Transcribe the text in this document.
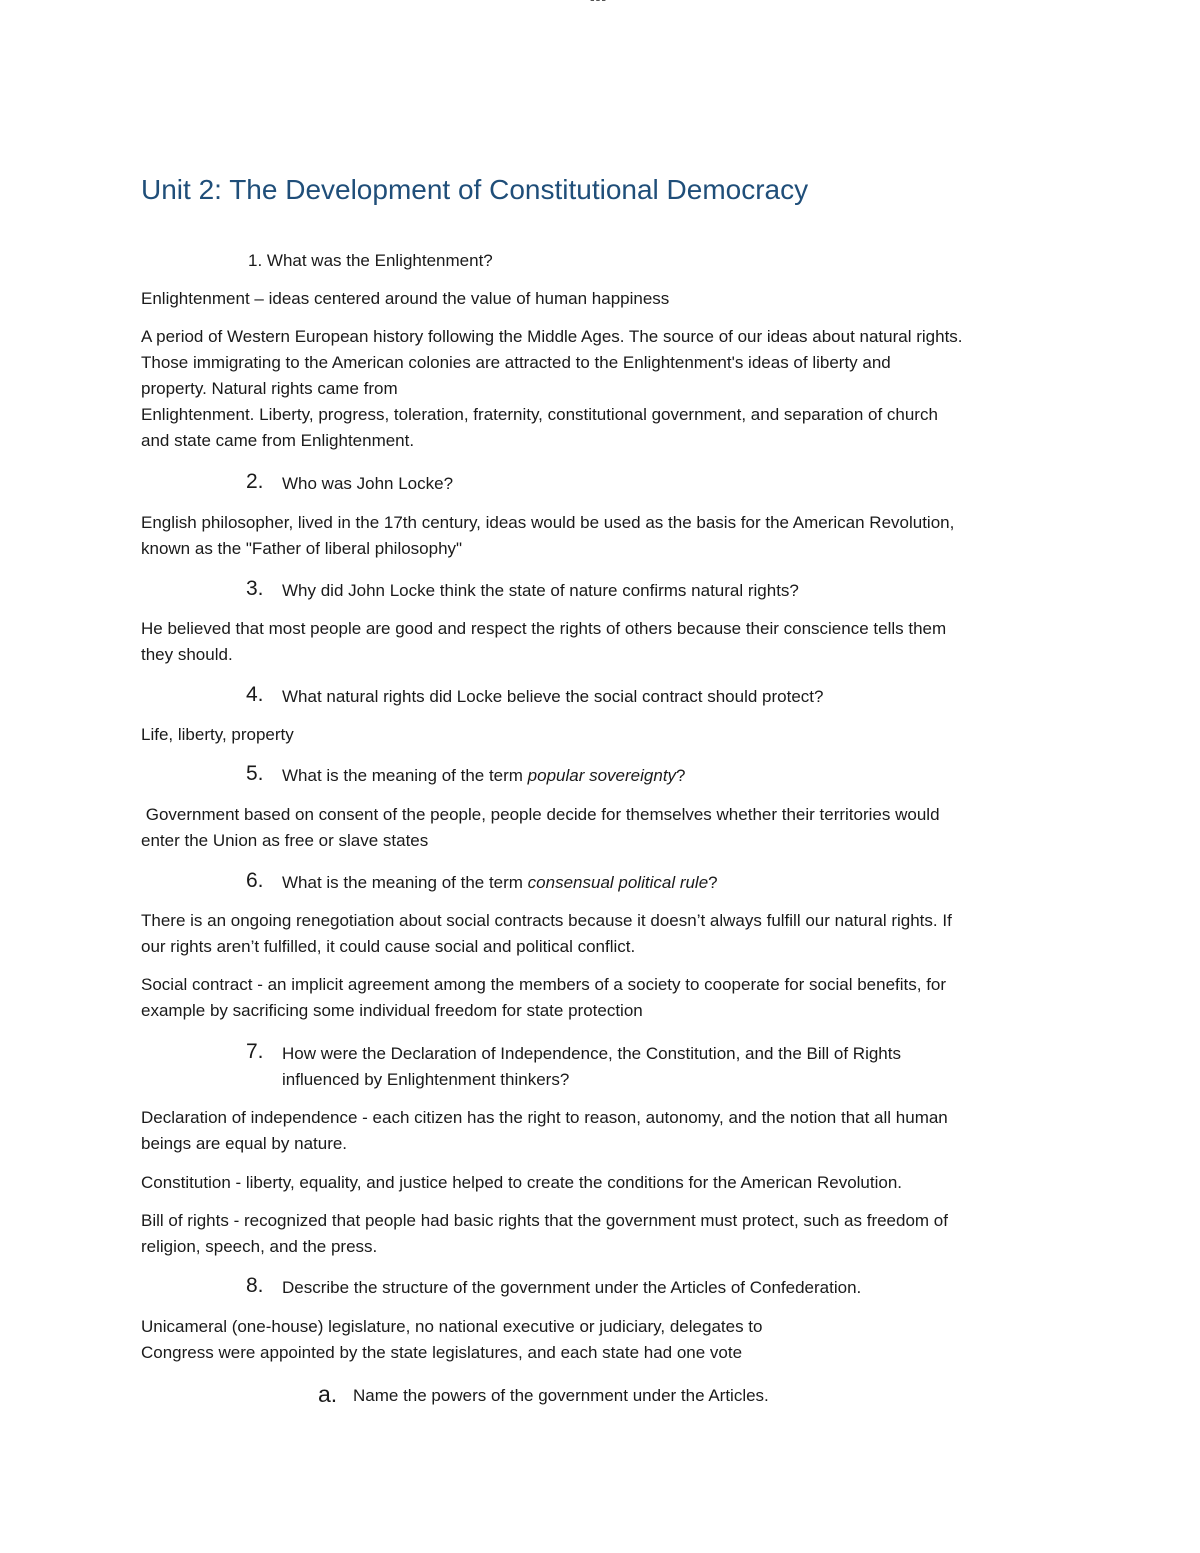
Unit 2: The Development of Constitutional Democracy

1. What was the Enlightenment?

Enlightenment – ideas centered around the value of human happiness

A period of Western European history following the Middle Ages. The source of our ideas about natural rights.
Those immigrating to the American colonies are attracted to the Enlightenment's ideas of liberty and
property. Natural rights came from
Enlightenment. Liberty, progress, toleration, fraternity, constitutional government, and separation of church
and state came from Enlightenment.

2. Who was John Locke?

English philosopher, lived in the 17th century, ideas would be used as the basis for the American Revolution,
known as the "Father of liberal philosophy"

3. Why did John Locke think the state of nature confirms natural rights?

He believed that most people are good and respect the rights of others because their conscience tells them
they should.

4. What natural rights did Locke believe the social contract should protect?

Life, liberty, property

5. What is the meaning of the term popular sovereignty?

Government based on consent of the people, people decide for themselves whether their territories would
enter the Union as free or slave states

6. What is the meaning of the term consensual political rule?

There is an ongoing renegotiation about social contracts because it doesn’t always fulfill our natural rights. If
our rights aren’t fulfilled, it could cause social and political conflict.

Social contract - an implicit agreement among the members of a society to cooperate for social benefits, for
example by sacrificing some individual freedom for state protection

7. How were the Declaration of Independence, the Constitution, and the Bill of Rights
influenced by Enlightenment thinkers?

Declaration of independence - each citizen has the right to reason, autonomy, and the notion that all human
beings are equal by nature.

Constitution - liberty, equality, and justice helped to create the conditions for the American Revolution.

Bill of rights - recognized that people had basic rights that the government must protect, such as freedom of
religion, speech, and the press.

8. Describe the structure of the government under the Articles of Confederation.

Unicameral (one-house) legislature, no national executive or judiciary, delegates to
Congress were appointed by the state legislatures, and each state had one vote

a. Name the powers of the government under the Articles.
